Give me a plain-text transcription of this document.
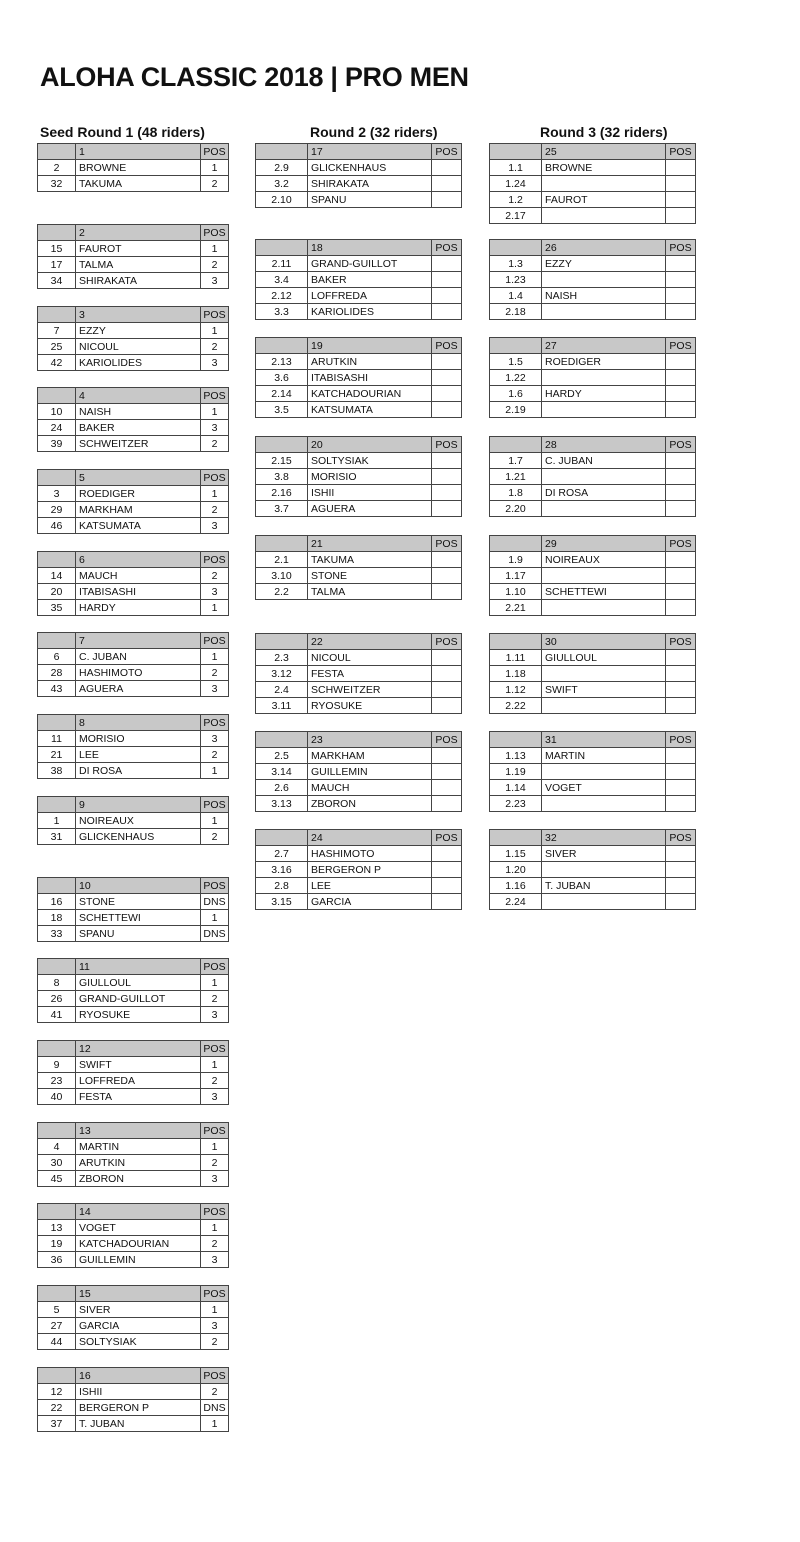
ALOHA CLASSIC 2018 | PRO MEN
Seed Round 1 (48 riders)	Round 2 (32 riders)	Round 3 (32 riders)
	1	POS
2	BROWNE	1
32	TAKUMA	2
	2	POS
15	FAUROT	1
17	TALMA	2
34	SHIRAKATA	3
	3	POS
7	EZZY	1
25	NICOUL	2
42	KARIOLIDES	3
	4	POS
10	NAISH	1
24	BAKER	3
39	SCHWEITZER	2
	5	POS
3	ROEDIGER	1
29	MARKHAM	2
46	KATSUMATA	3
	6	POS
14	MAUCH	2
20	ITABISASHI	3
35	HARDY	1
	7	POS
6	C. JUBAN	1
28	HASHIMOTO	2
43	AGUERA	3
	8	POS
11	MORISIO	3
21	LEE	2
38	DI ROSA	1
	9	POS
1	NOIREAUX	1
31	GLICKENHAUS	2
	10	POS
16	STONE	DNS
18	SCHETTEWI	1
33	SPANU	DNS
	11	POS
8	GIULLOUL	1
26	GRAND-GUILLOT	2
41	RYOSUKE	3
	12	POS
9	SWIFT	1
23	LOFFREDA	2
40	FESTA	3
	13	POS
4	MARTIN	1
30	ARUTKIN	2
45	ZBORON	3
	14	POS
13	VOGET	1
19	KATCHADOURIAN	2
36	GUILLEMIN	3
	15	POS
5	SIVER	1
27	GARCIA	3
44	SOLTYSIAK	2
	16	POS
12	ISHII	2
22	BERGERON P	DNS
37	T. JUBAN	1
	17	POS
2.9	GLICKENHAUS	
3.2	SHIRAKATA	
2.10	SPANU	
	18	POS
2.11	GRAND-GUILLOT	
3.4	BAKER	
2.12	LOFFREDA	
3.3	KARIOLIDES	
	19	POS
2.13	ARUTKIN	
3.6	ITABISASHI	
2.14	KATCHADOURIAN	
3.5	KATSUMATA	
	20	POS
2.15	SOLTYSIAK	
3.8	MORISIO	
2.16	ISHII	
3.7	AGUERA	
	21	POS
2.1	TAKUMA	
3.10	STONE	
2.2	TALMA	
	22	POS
2.3	NICOUL	
3.12	FESTA	
2.4	SCHWEITZER	
3.11	RYOSUKE	
	23	POS
2.5	MARKHAM	
3.14	GUILLEMIN	
2.6	MAUCH	
3.13	ZBORON	
	24	POS
2.7	HASHIMOTO	
3.16	BERGERON P	
2.8	LEE	
3.15	GARCIA	
	25	POS
1.1	BROWNE	
1.24		
1.2	FAUROT	
2.17		
	26	POS
1.3	EZZY	
1.23		
1.4	NAISH	
2.18		
	27	POS
1.5	ROEDIGER	
1.22		
1.6	HARDY	
2.19		
	28	POS
1.7	C. JUBAN	
1.21		
1.8	DI ROSA	
2.20		
	29	POS
1.9	NOIREAUX	
1.17		
1.10	SCHETTEWI	
2.21		
	30	POS
1.11	GIULLOUL	
1.18		
1.12	SWIFT	
2.22		
	31	POS
1.13	MARTIN	
1.19		
1.14	VOGET	
2.23		
	32	POS
1.15	SIVER	
1.20		
1.16	T. JUBAN	
2.24		
